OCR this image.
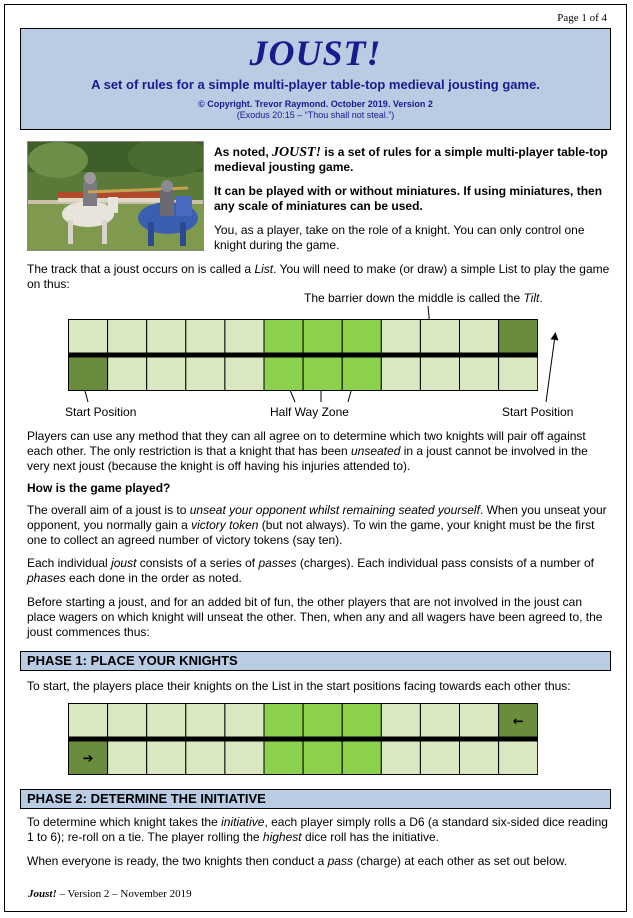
Page 1 of 4
JOUST!
A set of rules for a simple multi-player table-top medieval jousting game.
© Copyright. Trevor Raymond. October 2019. Version 2
(Exodus 20:15 – “Thou shall not steal.”)
As noted, JOUST! is a set of rules for a simple multi-player table-top medieval jousting game.
It can be played with or without miniatures. If using miniatures, then any scale of miniatures can be used.
You, as a player, take on the role of a knight. You can only control one knight during the game.
The track that a joust occurs on is called a List. You will need to make (or draw) a simple List to play the game on thus:
The barrier down the middle is called the Tilt.
Start Position	Half Way Zone	Start Position
Players can use any method that they can all agree on to determine which two knights will pair off against each other. The only restriction is that a knight that has been unseated in a joust cannot be involved in the very next joust (because the knight is off having his injuries attended to).
How is the game played?
The overall aim of a joust is to unseat your opponent whilst remaining seated yourself. When you unseat your opponent, you normally gain a victory token (but not always). To win the game, your knight must be the first one to collect an agreed number of victory tokens (say ten).
Each individual joust consists of a series of passes (charges). Each individual pass consists of a number of phases each done in the order as noted.
Before starting a joust, and for an added bit of fun, the other players that are not involved in the joust can place wagers on which knight will unseat the other. Then, when any and all wagers have been agreed to, the joust commences thus:
PHASE 1: PLACE YOUR KNIGHTS
To start, the players place their knights on the List in the start positions facing towards each other thus:
←
➔
PHASE 2: DETERMINE THE INITIATIVE
To determine which knight takes the initiative, each player simply rolls a D6 (a standard six-sided dice reading 1 to 6); re-roll on a tie. The player rolling the highest dice roll has the initiative.
When everyone is ready, the two knights then conduct a pass (charge) at each other as set out below.
Joust! – Version 2 – November 2019
